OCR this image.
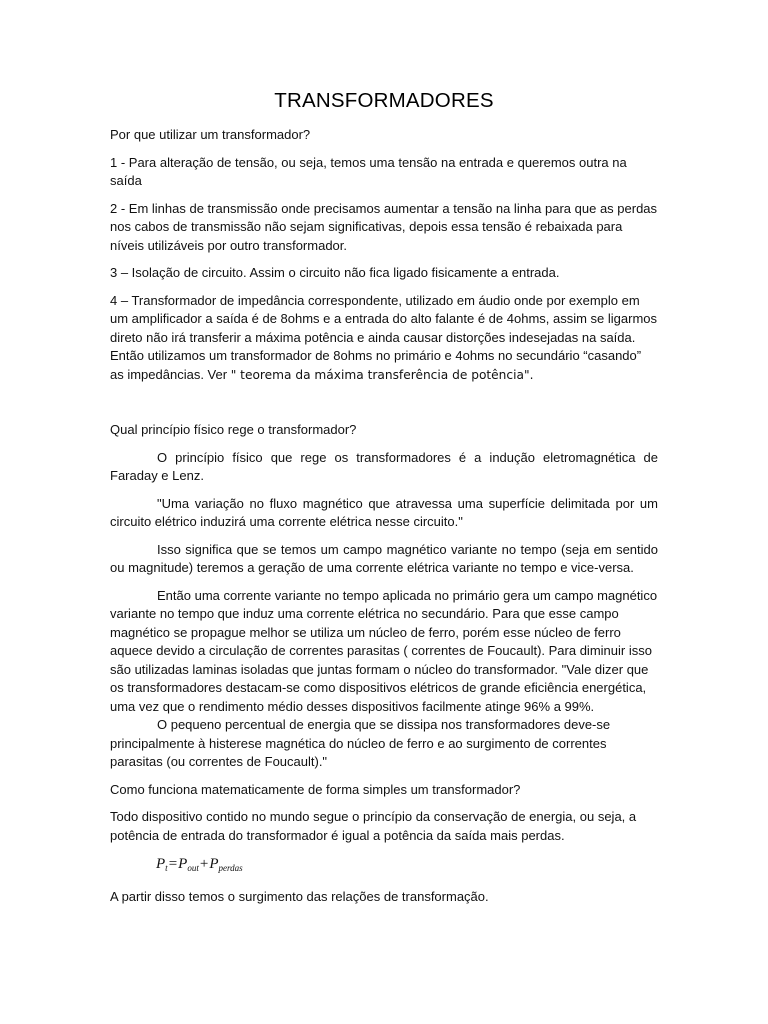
TRANSFORMADORES

Por que utilizar um transformador?

1 - Para alteração de tensão, ou seja, temos uma tensão na entrada e queremos outra na saída

2 - Em linhas de transmissão onde precisamos aumentar a tensão na linha para que as perdas nos cabos de transmissão não sejam significativas, depois essa tensão é rebaixada para níveis utilizáveis por outro transformador.

3 – Isolação de circuito. Assim o circuito não fica ligado fisicamente a entrada.

4 – Transformador de impedância correspondente, utilizado em áudio onde por exemplo em um amplificador a saída é de 8ohms e a entrada do alto falante é de 4ohms, assim se ligarmos direto não irá transferir a máxima potência e ainda causar distorções indesejadas na saída. Então utilizamos um transformador de 8ohms no primário e 4ohms no secundário “casando” as impedâncias. Ver " teorema da máxima transferência de potência".

Qual princípio físico rege o transformador?

O princípio físico que rege os transformadores é a indução eletromagnética de Faraday e Lenz.

"Uma variação no fluxo magnético que atravessa uma superfície delimitada por um circuito elétrico induzirá uma corrente elétrica nesse circuito."

Isso significa que se temos um campo magnético variante no tempo (seja em sentido ou magnitude) teremos a geração de uma corrente elétrica variante no tempo e vice-versa.

Então uma corrente variante no tempo aplicada no primário gera um campo magnético variante no tempo que induz uma corrente elétrica no secundário. Para que esse campo magnético se propague melhor se utiliza um núcleo de ferro, porém esse núcleo de ferro aquece devido a circulação de correntes parasitas ( correntes de Foucault). Para diminuir isso são utilizadas laminas isoladas que juntas formam o núcleo do transformador. "Vale dizer que os transformadores destacam-se como dispositivos elétricos de grande eficiência energética, uma vez que o rendimento médio desses dispositivos facilmente atinge 96% a 99%.

O pequeno percentual de energia que se dissipa nos transformadores deve-se principalmente à histerese magnética do núcleo de ferro e ao surgimento de correntes parasitas (ou correntes de Foucault)."

Como funciona matematicamente de forma simples um transformador?

Todo dispositivo contido no mundo segue o princípio da conservação de energia, ou seja, a potência de entrada do transformador é igual a potência da saída mais perdas.

$P_t=P_{out}+P_{perdas}$

A partir disso temos o surgimento das relações de transformação.
